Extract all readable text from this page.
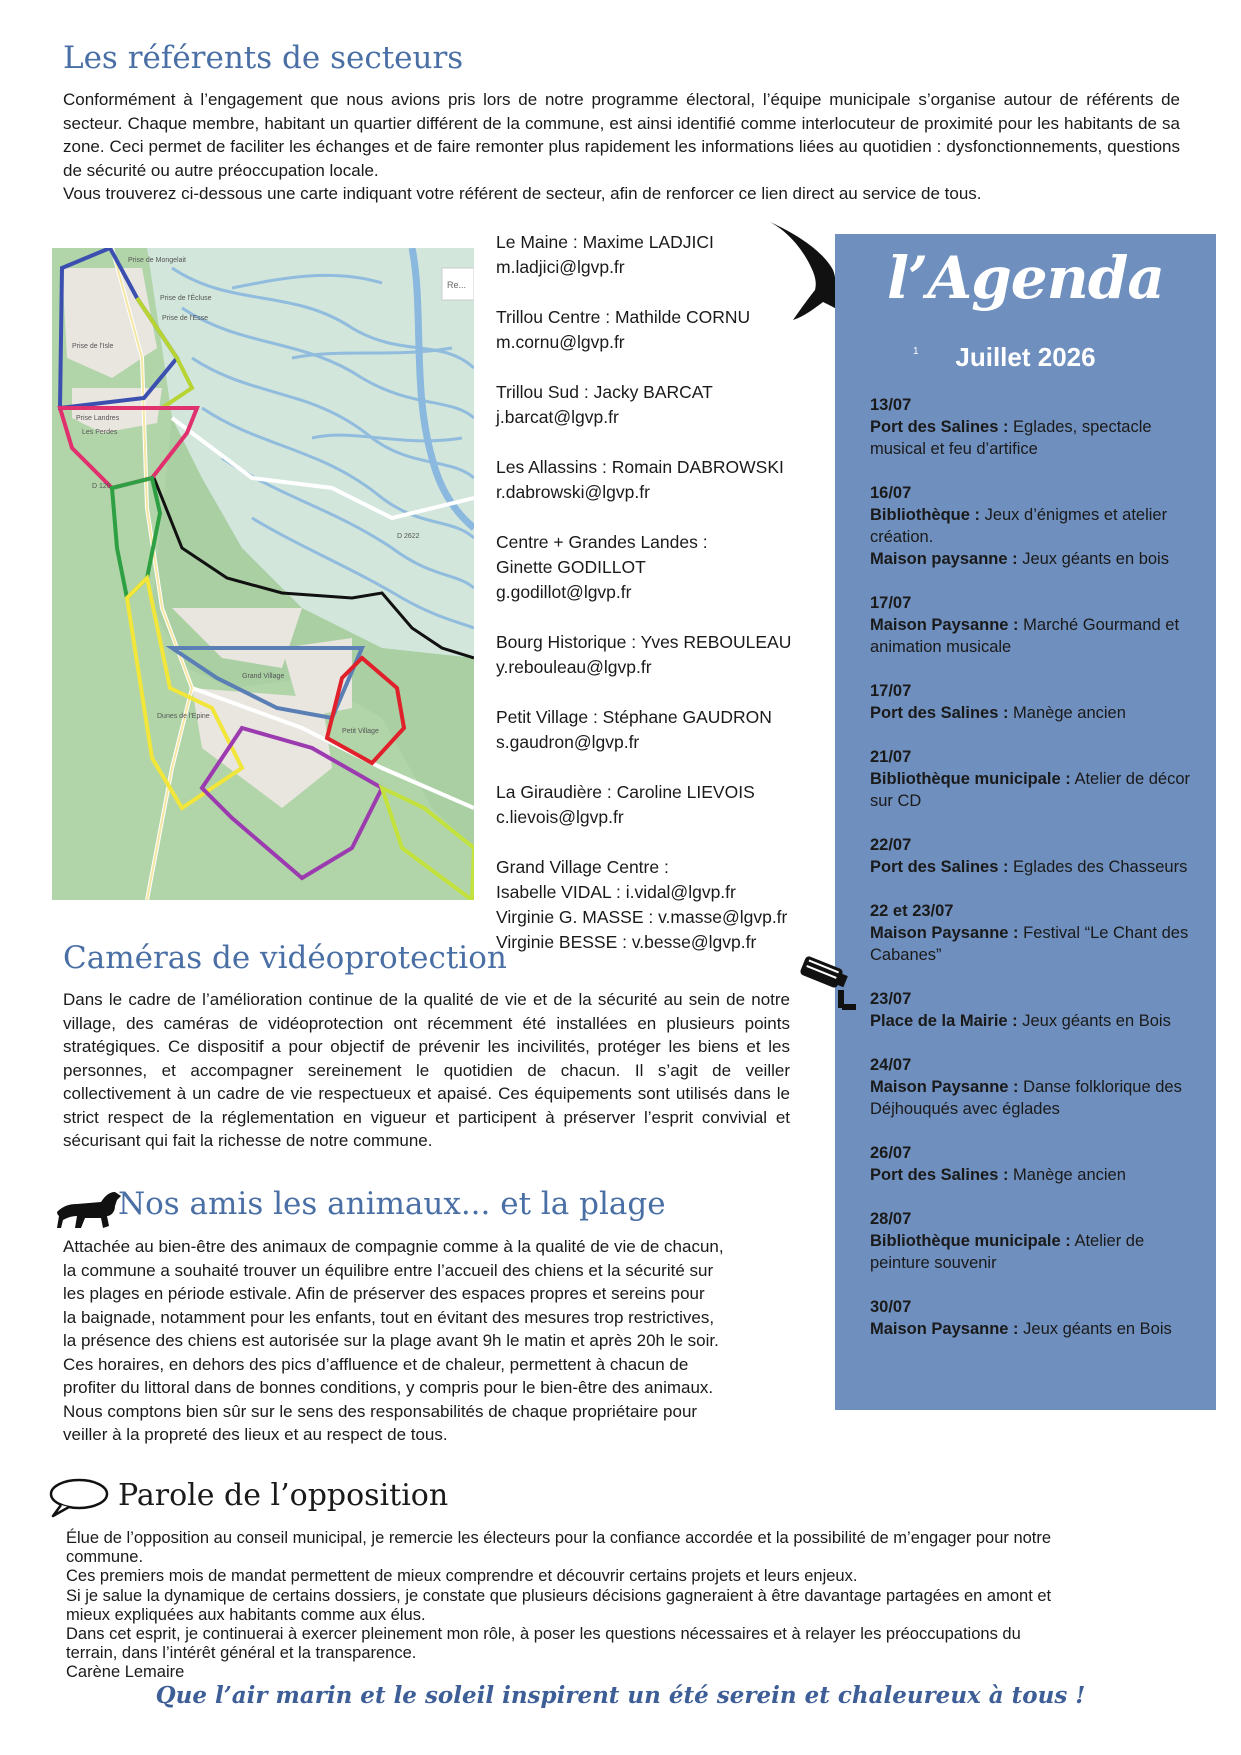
Les référents de secteurs

Conformément à l’engagement que nous avions pris lors de notre programme électoral, l’équipe municipale s’organise autour de référents de secteur. Chaque membre, habitant un quartier différent de la commune, est ainsi identifié comme interlocuteur de proximité pour les habitants de sa zone. Ceci permet de faciliter les échanges et de faire remonter plus rapidement les informations liées au quotidien : dysfonctionnements, questions de sécurité ou autre préoccupation locale.

Vous trouverez ci-dessous une carte indiquant votre référent de secteur, afin de renforcer ce lien direct au service de tous.

Prise de Mongelait
Prise de l'Écluse
Prise de l'Esse
Prise de l'Isle
Prise Landres
Les Perdes
D 126
D 2622
Grand Village
Petit Village
Dunes de l'Epine
Re...
Le Maine : Maxime LADJICI
m.ladjici@lgvp.fr
Trillou Centre : Mathilde CORNU
m.cornu@lgvp.fr
Trillou Sud : Jacky BARCAT
j.barcat@lgvp.fr
Les Allassins : Romain DABROWSKI
r.dabrowski@lgvp.fr
Centre + Grandes Landes :
Ginette GODILLOT
g.godillot@lgvp.fr
Bourg Historique : Yves REBOULEAU
y.rebouleau@lgvp.fr
Petit Village : Stéphane GAUDRON
s.gaudron@lgvp.fr
La Giraudière : Caroline LIEVOIS
c.lievois@lgvp.fr
Grand Village Centre :
Isabelle VIDAL : i.vidal@lgvp.fr
Virginie G. MASSE : v.masse@lgvp.fr
Virginie BESSE : v.besse@lgvp.fr
l’Agenda
1	Juillet 2026
13/07
Port des Salines : Eglades, spectacle musical et feu d’artifice
16/07
Bibliothèque : Jeux d’énigmes et atelier création.
Maison paysanne : Jeux géants en bois
17/07
Maison Paysanne : Marché Gourmand et animation musicale
17/07
Port des Salines : Manège ancien
21/07
Bibliothèque municipale : Atelier de décor sur CD
22/07
Port des Salines : Eglades des Chasseurs
22 et 23/07
Maison Paysanne : Festival “Le Chant des Cabanes”
23/07
Place de la Mairie : Jeux géants en Bois
24/07
Maison Paysanne : Danse folklorique des Déjhouqués avec églades
26/07
Port des Salines : Manège ancien
28/07
Bibliothèque municipale : Atelier de peinture souvenir
30/07
Maison Paysanne : Jeux géants en Bois
Caméras de vidéoprotection

Dans le cadre de l’amélioration continue de la qualité de vie et de la sécurité au sein de notre village, des caméras de vidéoprotection ont récemment été installées en plusieurs points stratégiques. Ce dispositif a pour objectif de prévenir les incivilités, protéger les biens et les personnes, et accompagner sereinement le quotidien de chacun. Il s’agit de veiller collectivement à un cadre de vie respectueux et apaisé. Ces équipements sont utilisés dans le strict respect de la réglementation en vigueur et participent à préserver l’esprit convivial et sécurisant qui fait la richesse de notre commune.

Nos amis les animaux... et la plage

Attachée au bien-être des animaux de compagnie comme à la qualité de vie de chacun,

la commune a souhaité trouver un équilibre entre l’accueil des chiens et la sécurité sur

les plages en période estivale. Afin de préserver des espaces propres et sereins pour

la baignade, notamment pour les enfants, tout en évitant des mesures trop restrictives,

la présence des chiens est autorisée sur la plage avant 9h le matin et après 20h le soir.

Ces horaires, en dehors des pics d’affluence et de chaleur, permettent à chacun de

profiter du littoral dans de bonnes conditions, y compris pour le bien-être des animaux.

Nous comptons bien sûr sur le sens des responsabilités de chaque propriétaire pour

veiller à la propreté des lieux et au respect de tous.

Parole de l’opposition

Élue de l’opposition au conseil municipal, je remercie les électeurs pour la confiance accordée et la possibilité de m’engager pour notre

commune.

Ces premiers mois de mandat permettent de mieux comprendre et découvrir certains projets et leurs enjeux.

Si je salue la dynamique de certains dossiers, je constate que plusieurs décisions gagneraient à être davantage partagées en amont et

mieux expliquées aux habitants comme aux élus.

Dans cet esprit, je continuerai à exercer pleinement mon rôle, à poser les questions nécessaires et à relayer les préoccupations du

terrain, dans l’intérêt général et la transparence.

Carène Lemaire

Que l’air marin et le soleil inspirent un été serein et chaleureux à tous !
